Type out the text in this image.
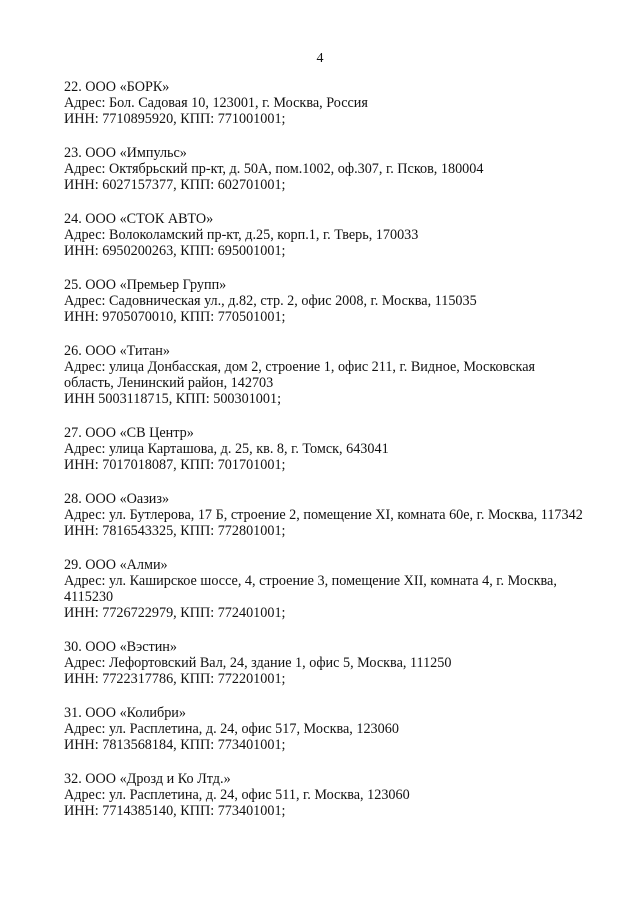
4
22. ООО «БОРК»
Адрес: Бол. Садовая 10, 123001, г. Москва, Россия
ИНН: 7710895920, КПП: 771001001;
23. ООО «Импульс»
Адрес: Октябрьский пр-кт, д. 50А, пом.1002, оф.307, г. Псков, 180004
ИНН: 6027157377, КПП: 602701001;
24. ООО «СТОК АВТО»
Адрес: Волоколамский пр-кт, д.25, корп.1, г. Тверь, 170033
ИНН: 6950200263, КПП: 695001001;
25. ООО «Премьер Групп»
Адрес: Садовническая ул., д.82, стр. 2, офис 2008, г. Москва, 115035
ИНН: 9705070010, КПП: 770501001;
26. ООО «Титан»
Адрес: улица Донбасская, дом 2, строение 1, офис 211, г. Видное, Московская область, Ленинский район, 142703
ИНН 5003118715, КПП: 500301001;
27. ООО «СВ Центр»
Адрес: улица Карташова, д. 25, кв. 8, г. Томск, 643041
ИНН: 7017018087, КПП: 701701001;
28. ООО «Оазиз»
Адрес: ул. Бутлерова, 17 Б, строение 2, помещение XI, комната 60е, г. Москва, 117342
ИНН: 7816543325, КПП: 772801001;
29. ООО «Алми»
Адрес: ул. Каширское шоссе, 4, строение 3, помещение XII, комната 4, г. Москва, 4115230
ИНН: 7726722979, КПП: 772401001;
30. ООО «Вэстин»
Адрес: Лефортовский Вал, 24, здание 1, офис 5, Москва, 111250
ИНН: 7722317786, КПП: 772201001;
31. ООО «Колибри»
Адрес: ул. Расплетина, д. 24, офис 517, Москва, 123060
ИНН: 7813568184, КПП: 773401001;
32. ООО «Дрозд и Ко Лтд.»
Адрес: ул. Расплетина, д. 24, офис 511, г. Москва, 123060
ИНН: 7714385140, КПП: 773401001;
